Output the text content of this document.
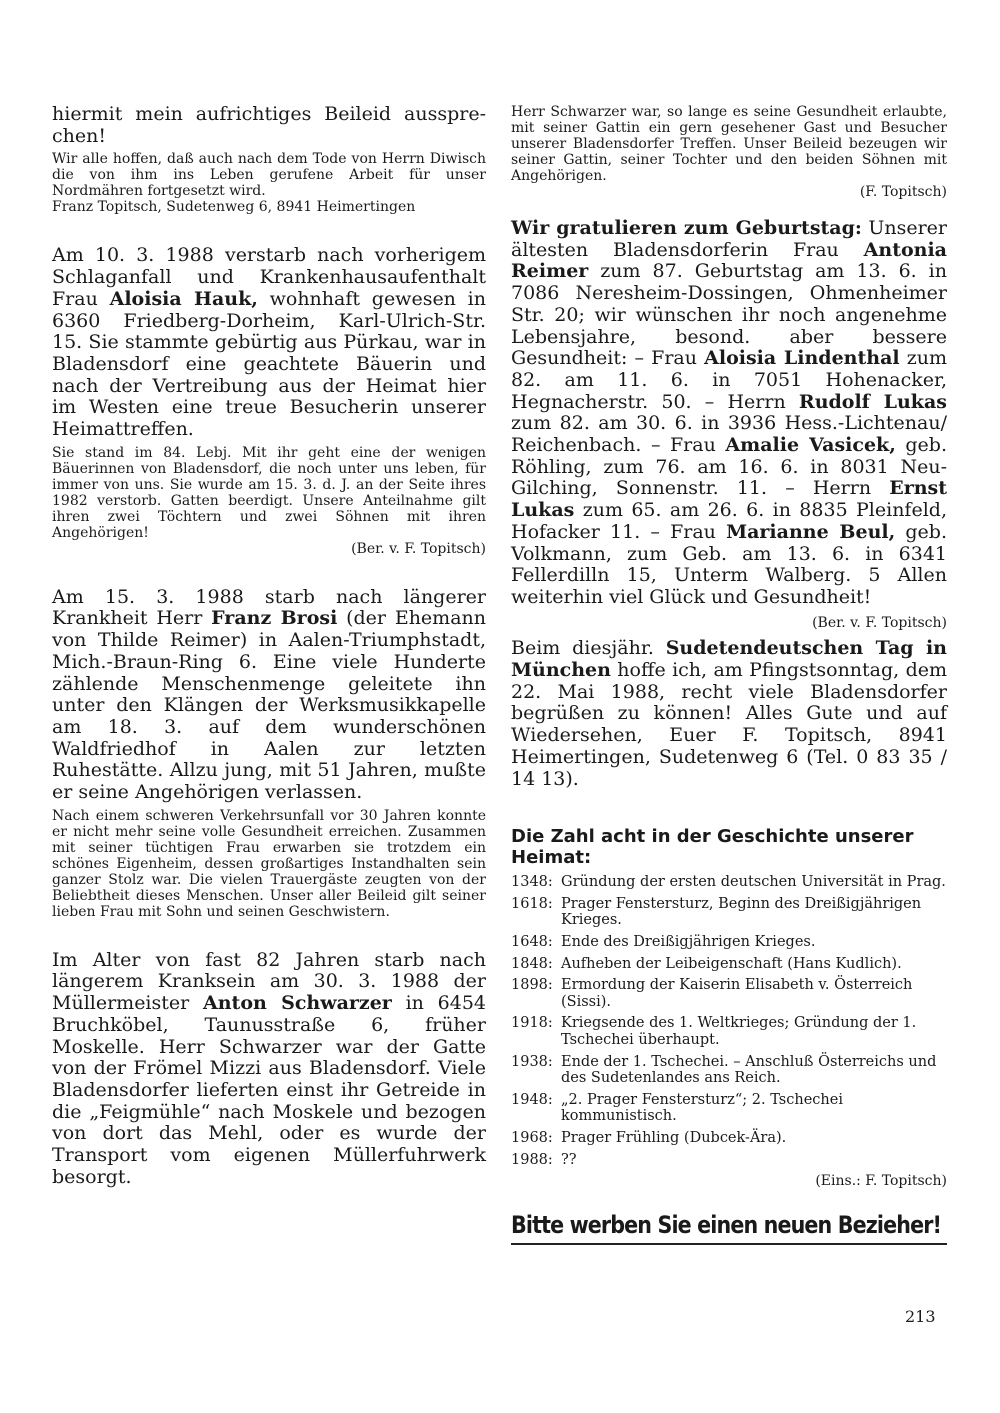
hiermit mein aufrichtiges Beileid ausspre-chen!

Wir alle hoffen, daß auch nach dem Tode von Herrn Diwisch die von ihm ins Leben gerufene Arbeit für unser Nordmähren fortgesetzt wird.

Franz Topitsch, Sudetenweg 6, 8941 Heimertingen

Am 10. 3. 1988 verstarb nach vorherigem Schlaganfall und Krankenhausaufenthalt Frau Aloisia Hauk, wohnhaft gewesen in 6360 Friedberg-Dorheim, Karl-Ulrich-Str. 15. Sie stammte gebürtig aus Pürkau, war in Bladensdorf eine geachtete Bäuerin und nach der Vertreibung aus der Heimat hier im Westen eine treue Besucherin unserer Heimattreffen.

Sie stand im 84. Lebj. Mit ihr geht eine der wenigen Bäuerinnen von Bladensdorf, die noch unter uns leben, für immer von uns. Sie wurde am 15. 3. d. J. an der Seite ihres 1982 verstorb. Gatten beerdigt. Unsere Anteilnahme gilt ihren zwei Töchtern und zwei Söhnen mit ihren Angehörigen!

(Ber. v. F. Topitsch)

Am 15. 3. 1988 starb nach längerer Krankheit Herr Franz Brosi (der Ehemann von Thilde Reimer) in Aalen-Triumphstadt, Mich.-Braun-Ring 6. Eine viele Hunderte zählende Menschenmenge geleitete ihn unter den Klängen der Werksmusikkapelle am 18. 3. auf dem wunderschönen Waldfriedhof in Aalen zur letzten Ruhestätte. Allzu jung, mit 51 Jahren, mußte er seine Angehörigen verlassen.

Nach einem schweren Verkehrsunfall vor 30 Jahren konnte er nicht mehr seine volle Gesundheit erreichen. Zusammen mit seiner tüchtigen Frau erwarben sie trotzdem ein schönes Eigenheim, dessen großartiges Instandhalten sein ganzer Stolz war. Die vielen Trauergäste zeugten von der Beliebtheit dieses Menschen. Unser aller Beileid gilt seiner lieben Frau mit Sohn und seinen Geschwistern.

Im Alter von fast 82 Jahren starb nach längerem Kranksein am 30. 3. 1988 der Müllermeister Anton Schwarzer in 6454 Bruchköbel, Taunusstraße 6, früher Moskelle. Herr Schwarzer war der Gatte von der Frömel Mizzi aus Bladensdorf. Viele Bladensdorfer lieferten einst ihr Getreide in die „Feigmühle“ nach Moskele und bezogen von dort das Mehl, oder es wurde der Transport vom eigenen Müllerfuhrwerk besorgt.

Herr Schwarzer war, so lange es seine Gesundheit erlaubte, mit seiner Gattin ein gern gesehener Gast und Besucher unserer Bladensdorfer Treffen. Unser Beileid bezeugen wir seiner Gattin, seiner Tochter und den beiden Söhnen mit Angehörigen.

(F. Topitsch)

Wir gratulieren zum Geburtstag: Unserer ältesten Bladensdorferin Frau Antonia Reimer zum 87. Geburtstag am 13. 6. in 7086 Neresheim-Dossingen, Ohmenheimer Str. 20; wir wünschen ihr noch angenehme Lebensjahre, besond. aber bessere Gesundheit: – Frau Aloisia Lindenthal zum 82. am 11. 6. in 7051 Hohenacker, Hegnacherstr. 50. – Herrn Rudolf Lukas zum 82. am 30. 6. in 3936 Hess.-Lichtenau/ Reichenbach. – Frau Amalie Vasicek, geb. Röhling, zum 76. am 16. 6. in 8031 Neu-Gilching, Sonnenstr. 11. – Herrn Ernst Lukas zum 65. am 26. 6. in 8835 Pleinfeld, Hofacker 11. – Frau Marianne Beul, geb. Volkmann, zum Geb. am 13. 6. in 6341 Fellerdilln 15, Unterm Walberg. 5 Allen weiterhin viel Glück und Gesundheit!
(Ber. v. F. Topitsch)

Beim diesjähr. Sudetendeutschen Tag in München hoffe ich, am Pfingstsonntag, dem 22. Mai 1988, recht viele Bladensdorfer begrüßen zu können! Alles Gute und auf Wiedersehen, Euer F. Topitsch, 8941 Heimertingen, Sudetenweg 6 (Tel. 0 83 35 / 14 13).

Die Zahl acht in der Geschichte unserer Heimat:
1348: Gründung der ersten deutschen Universität in Prag.
1618: Prager Fenstersturz, Beginn des Dreißigjährigen Krieges.
1648: Ende des Dreißigjährigen Krieges.
1848: Aufheben der Leibeigenschaft (Hans Kudlich).
1898: Ermordung der Kaiserin Elisabeth v. Österreich (Sissi).
1918: Kriegsende des 1. Weltkrieges; Gründung der 1. Tschechei überhaupt.
1938: Ende der 1. Tschechei. – Anschluß Österreichs und des Sudetenlandes ans Reich.
1948: „2. Prager Fenstersturz“; 2. Tschechei kommunistisch.
1968: Prager Frühling (Dubcek-Ära).
1988: ??

(Eins.: F. Topitsch)

Bitte werben Sie einen neuen Bezieher!
213
